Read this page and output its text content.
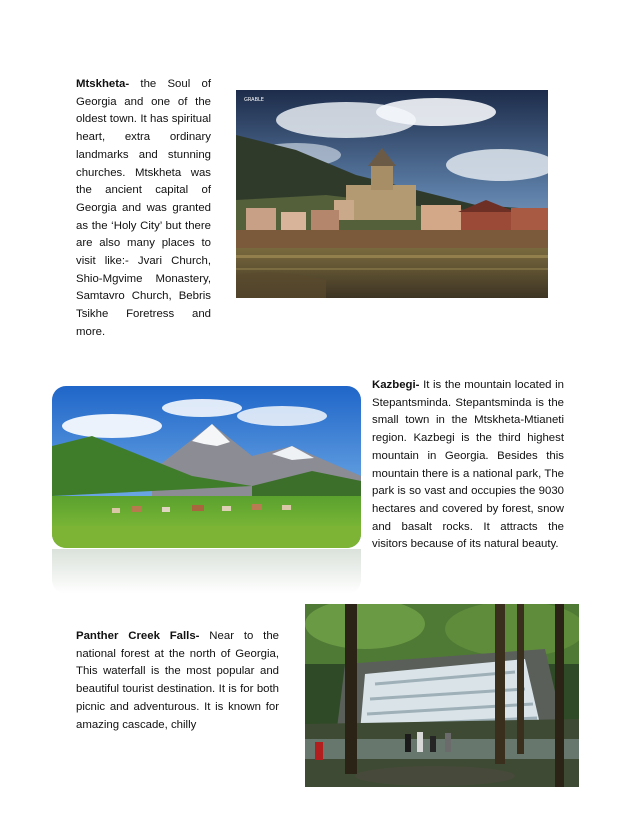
Mtskheta- the Soul of Georgia and one of the oldest town. It has spiritual heart, extra ordinary landmarks and stunning churches. Mtskheta was the ancient capital of Georgia and was granted as the ‘Holy City’ but there are also many places to visit like:- Jvari Church, Shio-Mgvime Monastery, Samtavro Church, Bebris Tsikhe Foretress and more.
GRABLE
Kazbegi- It is the mountain located in Stepantsminda. Stepantsminda is the small town in the Mtskheta-Mtianeti region. Kazbegi is the third highest mountain in Georgia. Besides this mountain there is a national park, The park is so vast and occupies the 9030 hectares and covered by forest, snow and basalt rocks. It attracts the visitors because of its natural beauty.
Panther Creek Falls- Near to the national forest at the north of Georgia, This waterfall is the most popular and beautiful tourist destination. It is for both picnic and adventurous. It is known for amazing cascade, chilly
